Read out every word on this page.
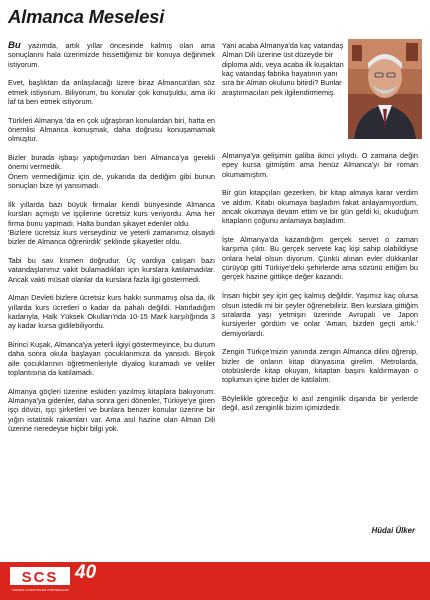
Almanca Meselesi

Bu yazımda, artık yıllar öncesinde kalmış olan ama sonuçlarını hala üzerimizde hissettiğimiz bir konuya değinmek istiyorum.

Evet, başlıktan da anlaşılacağı üzere biraz Almanca'dan söz etmek istiyorum. Biliyorum, bu konular çok konuşuldu, ama iki laf ta ben etmek istiyorum.

Türkleri Almanya 'da en çok uğraştıran konulardan biri, hatta en önemlisi Almanca konuşmak, daha doğrusu konuşamamak olmuştur.

Bizler burada işbaşı yaptığımızdan beri Almanca'ya gerekli önemi vermedik.
Önem vermediğimiz için de, yukarıda da dediğim gibi bunun sonuçları bize iyi yansımadı.

İlk yıllarda bazı büyük firmalar kendi bünyesinde Almanca kursları açmıştı ve işçilerine ücretsiz kurs veriyordu. Ama her firma bunu yapmadı. Halta bundan şikayet edenler oldu.
'Bizlere ücretsiz kurs verseydiniz ve yeterli zamanımız olsaydı bizler de Almanca öğrenirdik' şeklinde şikayetler oldu.

Tabi bu sav kısmen doğrudur. Üç vardiya çalışan bazı vatandaşlarımız vakit bulamadıkları için kurslara katılamadılar. Ancak vakti müsait olanlar da kurslara fazla ilgi göstermedi.

Alman Devleti bizlere ücretsiz kurs hakkı sunmamış olsa da, ilk yıllarda kurs ücretleri o kadar da pahalı değildi. Hatırladığım kadarıyla, Halk Yüksek Okulları'nda 10-15 Mark karşılığında 3 ay kadar kursa gidilebiliyordu.

Birinci Kuşak, Almanca'ya yeterli ilgiyi göstermeyince, bu durum daha sonra okula başlayan çocuklarımıza da yansıdı. Birçok aile çocuklarının öğretmenleriyle diyalog kuramadı ve veliler toplantısına da katılamadı.

Almanya göçleri üzerine eskiden yazılmış kitaplara bakıyorum: Almanya'ya gidenler, daha sonra geri dönenler, Türkiye'ye giren işçi dövizi, işçi şirketleri ve bunlara benzer konular üzerine bir yığın istatistik rakamları var. Ama asıl hazine olan Alman Dili üzerine neredeyse hiçbir bilgi yok.

Yani acaba Almanya'da kaç vatandaş Alman Dili üzerine üst düzeyde bir diploma aldı, veya acaba ilk kuşaktan kaç vatandaş fabrika hayatının yanı sıra bir Alman okulunu bitirdi? Bunlar araştırmacıları pek ilgilendirmemiş.

Almanya'ya gelişimin galiba ikinci yılıydı. O zamana değin epey kursa gitmiştim ama henüz Almanca'yı bir roman okumamıştım.

Bir gün kitapçıları gezerken, bir kitap almaya karar verdim ve aldım. Kitabı okumaya başladım fakat anlayamıyordum, ancak okumaya devam ettim ve bir gün geldi ki, okuduğum kitapların çoğunu anlamaya başladım.

İşte Almanya'da kazandığım gerçek servet o zaman karşıma çıktı. Bu gerçek servete kaç kişi sahip olabildiyse onlara helal olsun diyorum. Çünkü alınan evler dükkanlar çürüyüp gitti Türkiye'deki şehirlerde ama sözünü ettiğim bu gerçek hazine gittikçe değer kazandı.

İnsan hiçbir şey için geç kalmış değildir. Yaşımız kaç olursa olsun istedik mi bir şeyler öğrenebiliriz. Ben kurslara gittiğim sıralarda yaşı yetmişin üzerinde Avrupalı ve Japon kursiyerler gördüm ve onlar 'Aman, bizden geçti artık.' demiyorlardı.

Zengin Türkçe'mizin yanında zengin Almanca dilini öğrenip, bizler de onların kitap dünyasına girelim. Metrolarda, otobüslerde kitap okuyan, kitaptan başını kaldırmayan o toplumun içine bizler de katılalım.

Böylelikle göreceğiz ki asıl zenginlik dışarıda bir yerlerde değil, asıl zenginlik bizim içimizdedir.

Hüdai Ülker
SCS
TÜRKISCH & DEUTSCHES STADTMAGAZIN
40
